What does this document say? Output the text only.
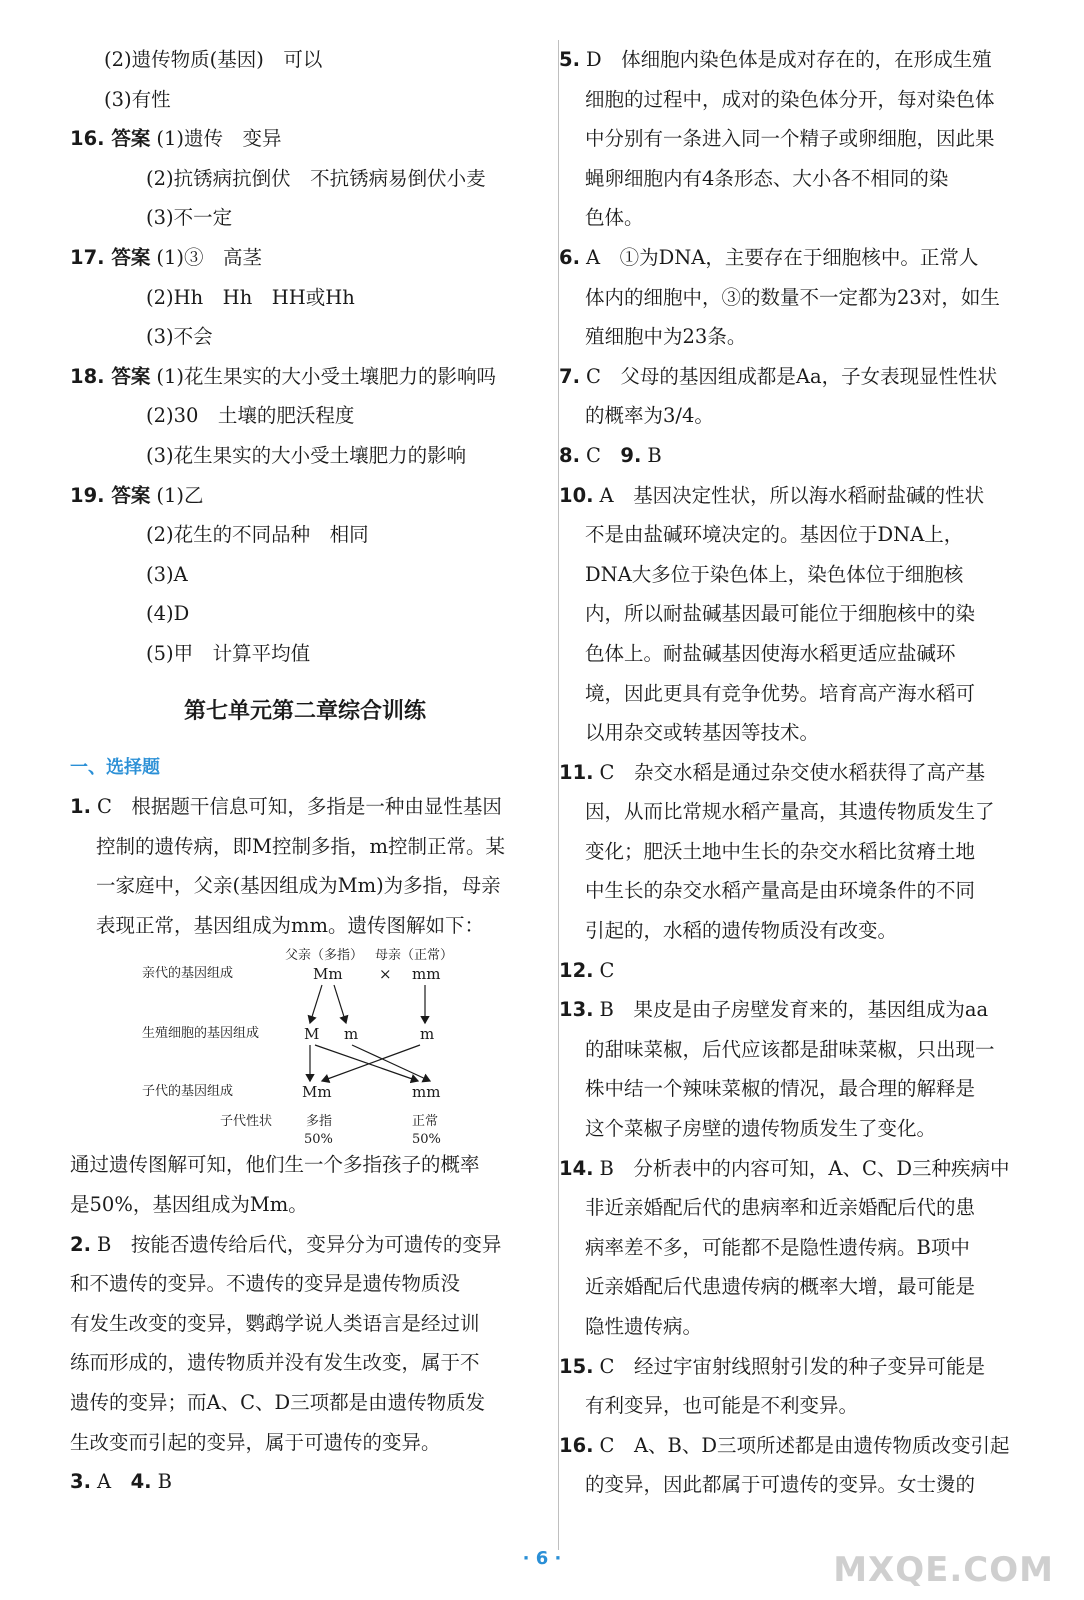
(2)遗传物质(基因)　可以
(3)有性
16. 答案 (1)遗传　变异
(2)抗锈病抗倒伏　不抗锈病易倒伏小麦
(3)不一定
17. 答案 (1)③　高茎
(2)Hh　Hh　HH或Hh
(3)不会
18. 答案 (1)花生果实的大小受土壤肥力的影响吗
(2)30　土壤的肥沃程度
(3)花生果实的大小受土壤肥力的影响
19. 答案 (1)乙
(2)花生的不同品种　相同
(3)A
(4)D
(5)甲　计算平均值
第七单元第二章综合训练
一、选择题
1. C　根据题干信息可知，多指是一种由显性基因
控制的遗传病，即M控制多指，m控制正常。某
一家庭中，父亲(基因组成为Mm)为多指，母亲
表现正常，基因组成为mm。遗传图解如下：
父亲（多指） 母亲（正常）
亲代的基因组成	Mm × mm
生殖细胞的基因组成	M m	m
子代的基因组成	Mm	mm
子代性状	多指	正常
50%	50%
通过遗传图解可知，他们生一个多指孩子的概率
是50%，基因组成为Mm。
2. B　按能否遗传给后代，变异分为可遗传的变异
和不遗传的变异。不遗传的变异是遗传物质没
有发生改变的变异，鹦鹉学说人类语言是经过训
练而形成的，遗传物质并没有发生改变，属于不
遗传的变异；而A、C、D三项都是由遗传物质发
生改变而引起的变异，属于可遗传的变异。
3. A　 4. B
5. D　体细胞内染色体是成对存在的，在形成生殖
细胞的过程中，成对的染色体分开，每对染色体
中分别有一条进入同一个精子或卵细胞，因此果
蝇卵细胞内有4条形态、大小各不相同的染
色体。
6. A　①为DNA，主要存在于细胞核中。正常人
体内的细胞中，③的数量不一定都为23对，如生
殖细胞中为23条。
7. C　父母的基因组成都是Aa，子女表现显性性状
的概率为3/4。
8. C　 9. B
10. A　基因决定性状，所以海水稻耐盐碱的性状
不是由盐碱环境决定的。基因位于DNA上，
DNA大多位于染色体上，染色体位于细胞核
内，所以耐盐碱基因最可能位于细胞核中的染
色体上。耐盐碱基因使海水稻更适应盐碱环
境，因此更具有竞争优势。培育高产海水稻可
以用杂交或转基因等技术。
11. C　杂交水稻是通过杂交使水稻获得了高产基
因，从而比常规水稻产量高，其遗传物质发生了
变化；肥沃土地中生长的杂交水稻比贫瘠土地
中生长的杂交水稻产量高是由环境条件的不同
引起的，水稻的遗传物质没有改变。
12. C
13. B　果皮是由子房壁发育来的，基因组成为aa
的甜味菜椒，后代应该都是甜味菜椒，只出现一
株中结一个辣味菜椒的情况，最合理的解释是
这个菜椒子房壁的遗传物质发生了变化。
14. B　分析表中的内容可知，A、C、D三种疾病中
非近亲婚配后代的患病率和近亲婚配后代的患
病率差不多，可能都不是隐性遗传病。B项中
近亲婚配后代患遗传病的概率大增，最可能是
隐性遗传病。
15. C　经过宇宙射线照射引发的种子变异可能是
有利变异，也可能是不利变异。
16. C　A、B、D三项所述都是由遗传物质改变引起
的变异，因此都属于可遗传的变异。女士燙的
· 6 ·	MXQE.COM
